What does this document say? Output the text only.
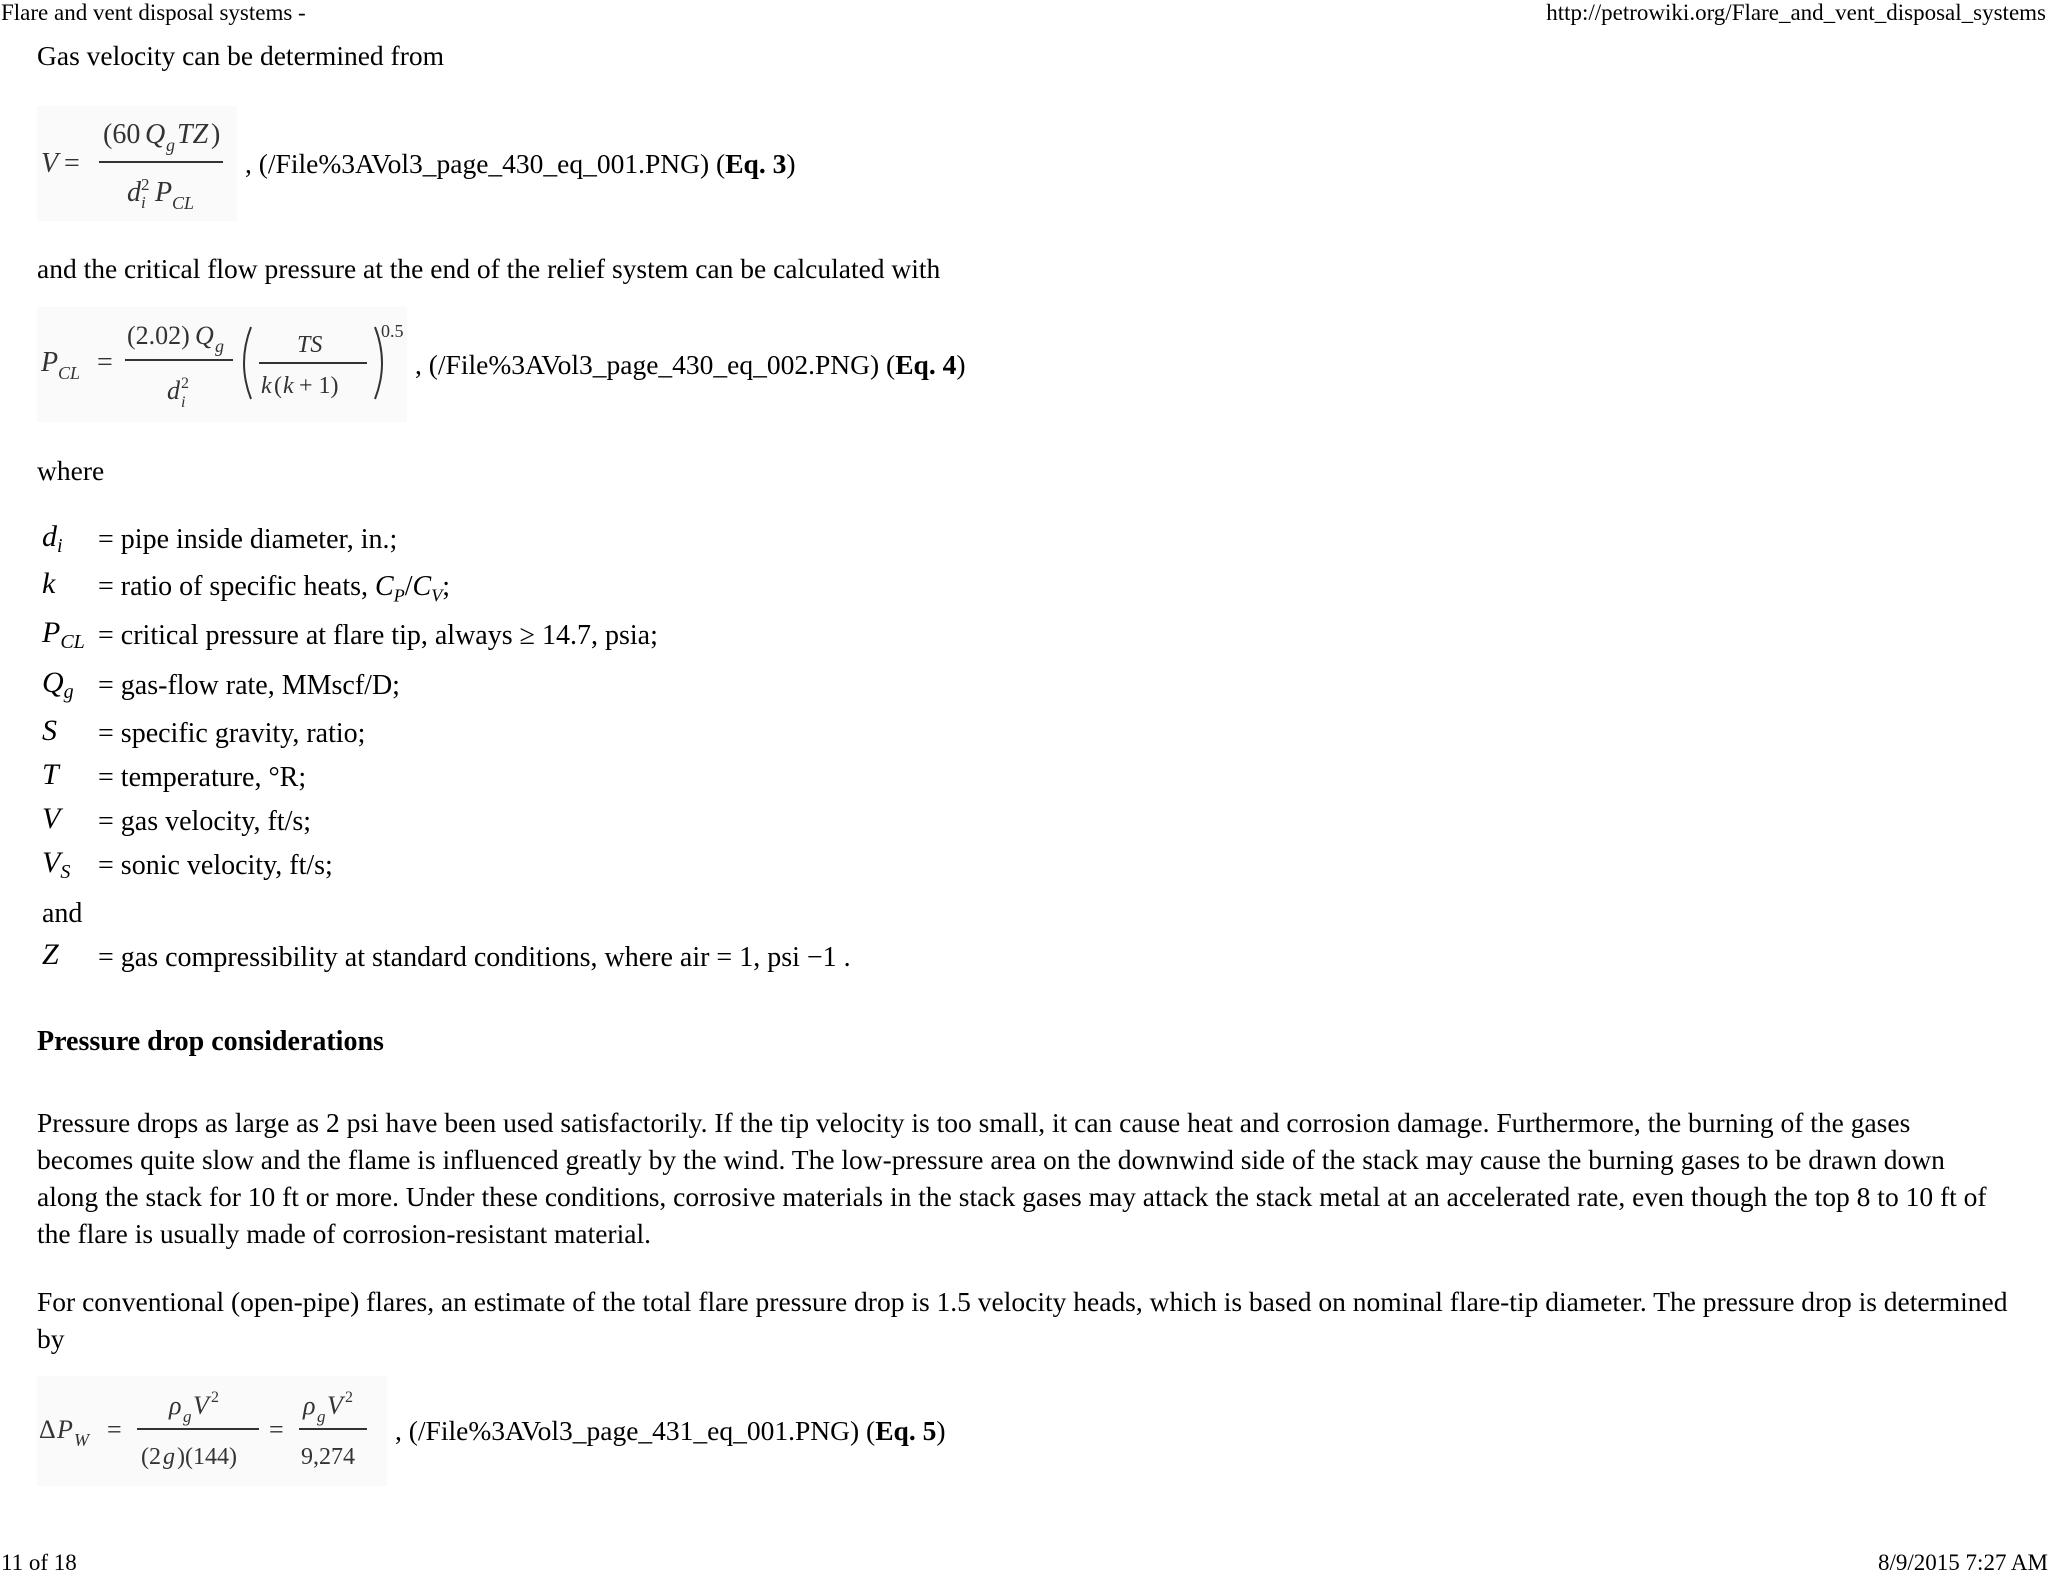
Flare and vent disposal systems -	http://petrowiki.org/Flare_and_vent_disposal_systems
Gas velocity can be determined from
V =
(60 Q g TZ )
d 2
i P CL
, (/File%3AVol3_page_430_eq_001.PNG) (Eq. 3)
and the critical flow pressure at the end of the relief system can be calculated with
P CL =
(2.02) Q g
d 2
i
TS
k ( k + 1)
0.5
, (/File%3AVol3_page_430_eq_002.PNG) (Eq. 4)
where
$d_i$	= pipe inside diameter, in.;
k	= ratio of specific heats, $C_P/C_V$;
$P_{CL}$ = critical pressure at flare tip, always ≥ 14.7, psia;
$Q_g$ = gas-flow rate, MMscf/D;
S	= specific gravity, ratio;
T	= temperature, °R;
V	= gas velocity, ft/s;
$V_S$ = sonic velocity, ft/s;
and
Z	= gas compressibility at standard conditions, where air = 1, psi −1 .
Pressure drop considerations
Pressure drops as large as 2 psi have been used satisfactorily. If the tip velocity is too small, it can cause heat and corrosion damage. Furthermore, the burning of the gases becomes quite slow and the flame is influenced greatly by the wind. The low-pressure area on the downwind side of the stack may cause the burning gases to be drawn down along the stack for 10 ft or more. Under these conditions, corrosive materials in the stack gases may attack the stack metal at an accelerated rate, even though the top 8 to 10 ft of the flare is usually made of corrosion-resistant material.
For conventional (open-pipe) flares, an estimate of the total flare pressure drop is 1.5 velocity heads, which is based on nominal flare-tip diameter. The pressure drop is determined by
Δ P W =
ρ g V 2
(2 g )(144)
=
ρ g V 2
9,274
, (/File%3AVol3_page_431_eq_001.PNG) (Eq. 5)
11 of 18	8/9/2015 7:27 AM
